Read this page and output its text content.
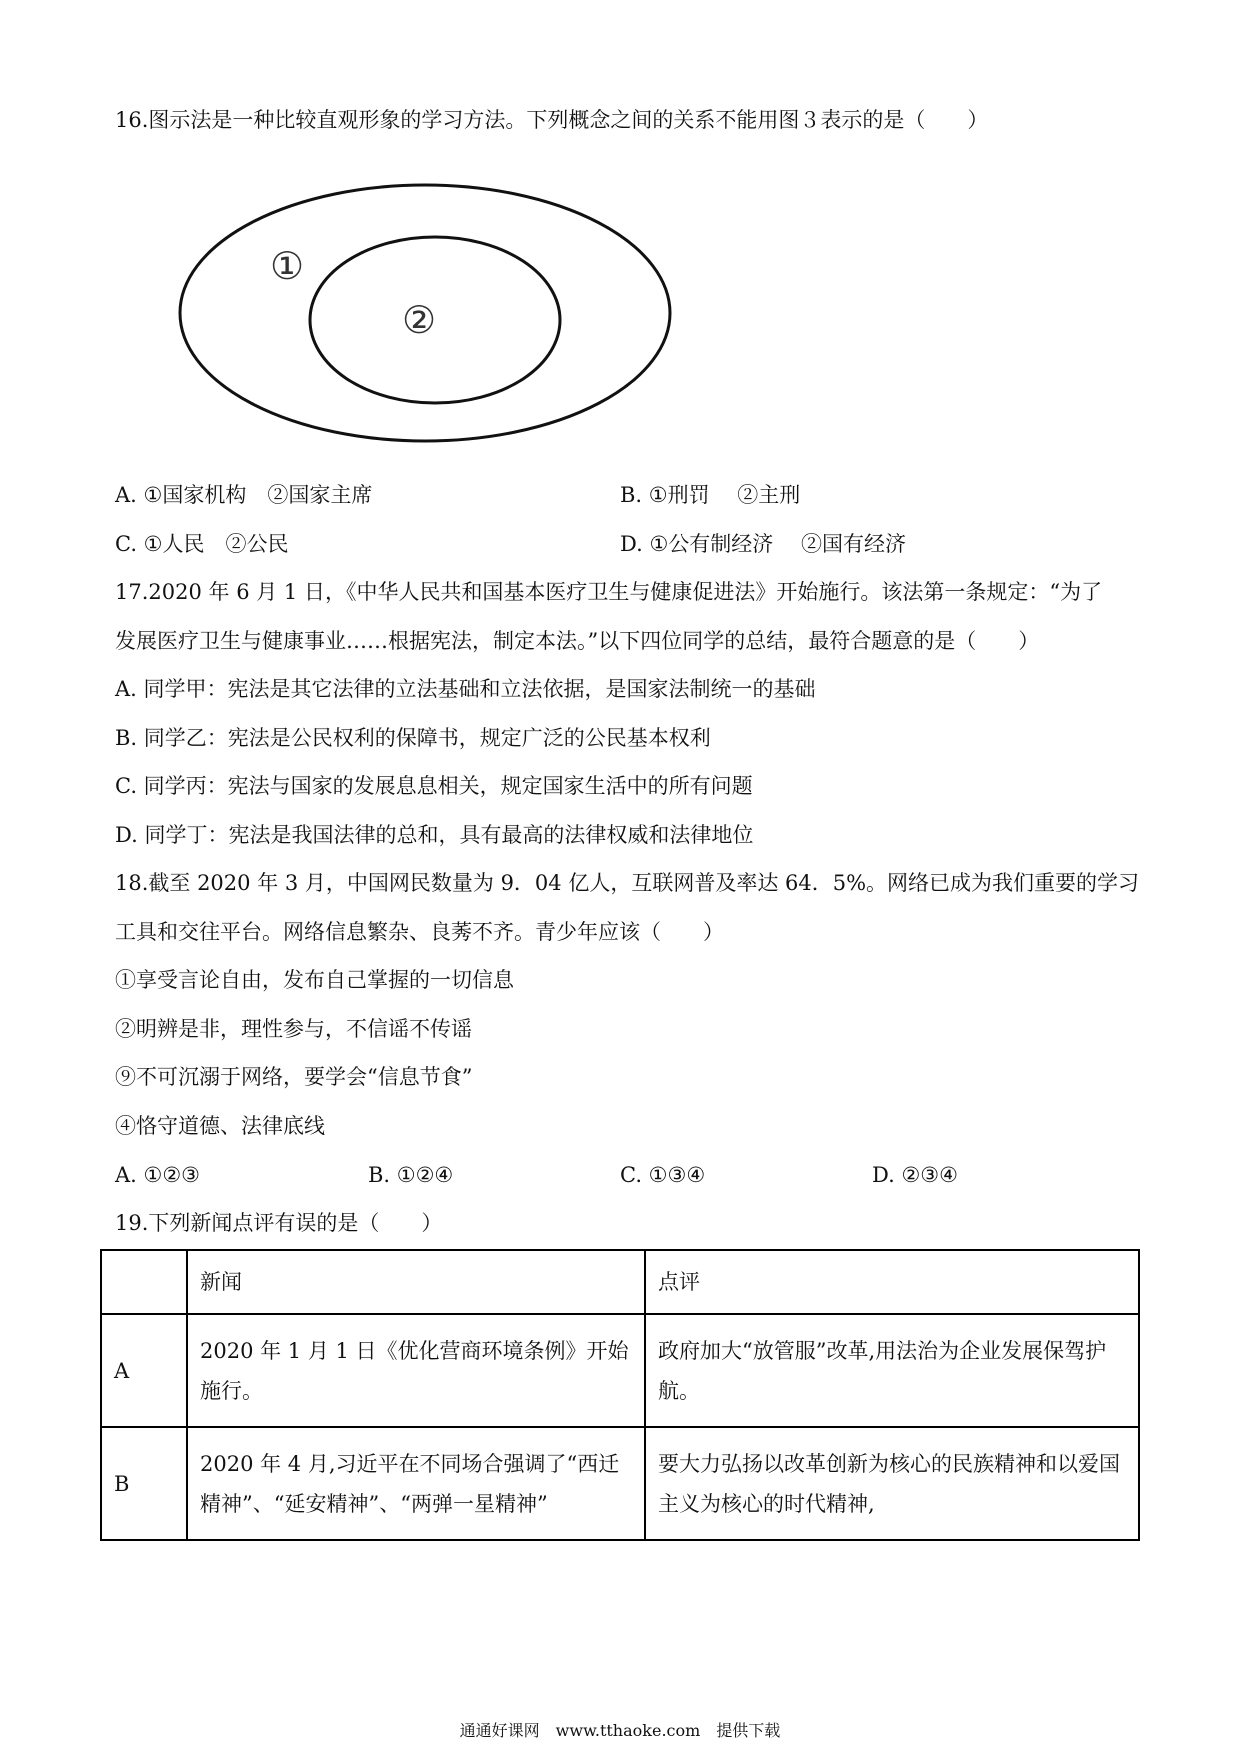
16.图示法是一种比较直观形象的学习方法。下列概念之间的关系不能用图３表示的是（　　）
①
②
A. ①国家机构　②国家主席	B. ①刑罚　 ②主刑
C. ①人民　②公民	D. ①公有制经济　 ②国有经济
17.2020 年 6 月 1 日，《中华人民共和国基本医疗卫生与健康促进法》开始施行。该法第一条规定：“为了
发展医疗卫生与健康事业……根据宪法，制定本法。”以下四位同学的总结，最符合题意的是（　　）
A. 同学甲：宪法是其它法律的立法基础和立法依据，是国家法制统一的基础
B. 同学乙：宪法是公民权利的保障书，规定广泛的公民基本权利
C. 同学丙：宪法与国家的发展息息相关，规定国家生活中的所有问题
D. 同学丁：宪法是我国法律的总和，具有最高的法律权威和法律地位
18.截至 2020 年 3 月，中国网民数量为 9．04 亿人，互联网普及率达 64．5%。网络已成为我们重要的学习
工具和交往平台。网络信息繁杂、良莠不齐。青少年应该（　　）
①享受言论自由，发布自己掌握的一切信息
②明辨是非，理性参与，不信谣不传谣
⑨不可沉溺于网络，要学会“信息节食”
④恪守道德、法律底线
A. ①②③	B. ①②④	C. ①③④	D. ②③④
19.下列新闻点评有误的是（　　）
	新闻	点评
A	2020 年 1 月 1 日《优化营商环境条例》开始施行。	政府加大“放管服”改革,用法治为企业发展保驾护航。
B	2020 年 4 月,习近平在不同场合强调了“西迁精神”、“延安精神”、“两弹一星精神”	要大力弘扬以改革创新为核心的民族精神和以爱国主义为核心的时代精神,
通通好课网　www.tthaoke.com　提供下载
